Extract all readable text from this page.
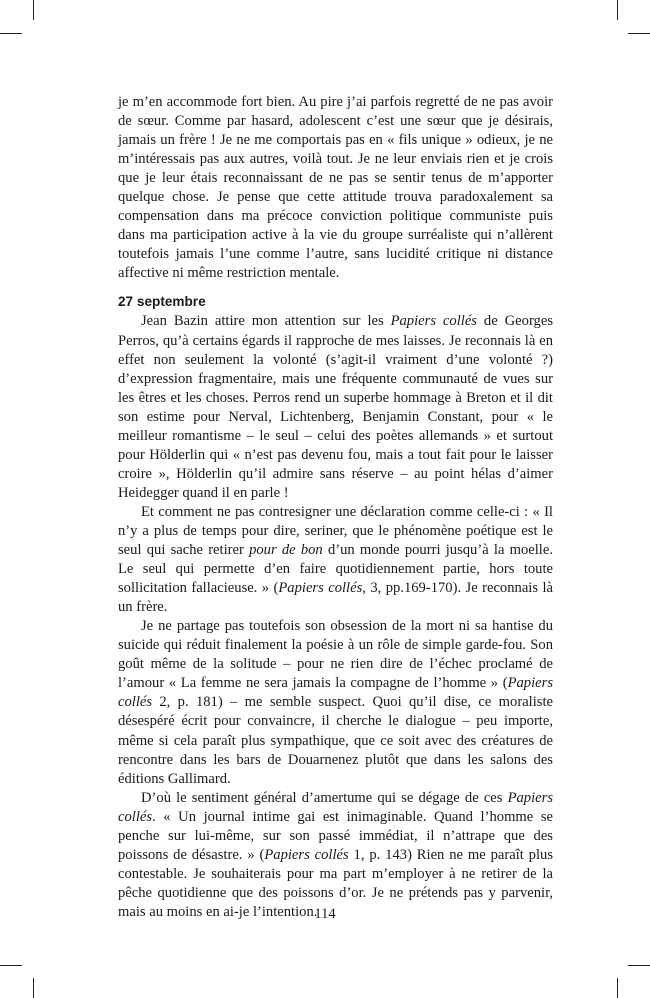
je m’en accommode fort bien. Au pire j’ai parfois regretté de ne pas avoir de sœur. Comme par hasard, adolescent c’est une sœur que je désirais, jamais un frère ! Je ne me comportais pas en « fils unique » odieux, je ne m’intéressais pas aux autres, voilà tout. Je ne leur enviais rien et je crois que je leur étais reconnaissant de ne pas se sentir tenus de m’apporter quelque chose. Je pense que cette attitude trouva paradoxalement sa compensation dans ma précoce conviction politique communiste puis dans ma participation active à la vie du groupe surréaliste qui n’allèrent toutefois jamais l’une comme l’autre, sans lucidité critique ni distance affective ni même restriction mentale.

27 septembre

Jean Bazin attire mon attention sur les Papiers collés de Georges Perros, qu’à certains égards il rapproche de mes laisses. Je reconnais là en effet non seulement la volonté (s’agit-il vraiment d’une volonté ?) d’expression fragmentaire, mais une fréquente communauté de vues sur les êtres et les choses. Perros rend un superbe hommage à Breton et il dit son estime pour Nerval, Lichtenberg, Benjamin Constant, pour « le meilleur romantisme – le seul – celui des poètes allemands » et surtout pour Hölderlin qui « n’est pas devenu fou, mais a tout fait pour le laisser croire », Hölderlin qu’il admire sans réserve – au point hélas d’aimer Heidegger quand il en parle !

Et comment ne pas contresigner une déclaration comme celle-ci : « Il n’y a plus de temps pour dire, seriner, que le phénomène poétique est le seul qui sache retirer pour de bon d’un monde pourri jusqu’à la moelle. Le seul qui permette d’en faire quotidiennement partie, hors toute sollicitation fallacieuse. » (Papiers collés, 3, pp.169-170). Je reconnais là un frère.

Je ne partage pas toutefois son obsession de la mort ni sa hantise du suicide qui réduit finalement la poésie à un rôle de simple garde-fou. Son goût même de la solitude – pour ne rien dire de l’échec proclamé de l’amour « La femme ne sera jamais la compagne de l’homme » (Papiers collés 2, p. 181) – me semble suspect. Quoi qu’il dise, ce moraliste désespéré écrit pour convaincre, il cherche le dialogue – peu importe, même si cela paraît plus sympathique, que ce soit avec des créatures de rencontre dans les bars de Douarnenez plutôt que dans les salons des éditions Gallimard.

D’où le sentiment général d’amertume qui se dégage de ces Papiers collés. « Un journal intime gai est inimaginable. Quand l’homme se penche sur lui-même, sur son passé immédiat, il n’attrape que des poissons de désastre. » (Papiers collés 1, p. 143) Rien ne me paraît plus contestable. Je souhaiterais pour ma part m’employer à ne retirer de la pêche quotidienne que des poissons d’or. Je ne prétends pas y parvenir, mais au moins en ai-je l’intention.

114
